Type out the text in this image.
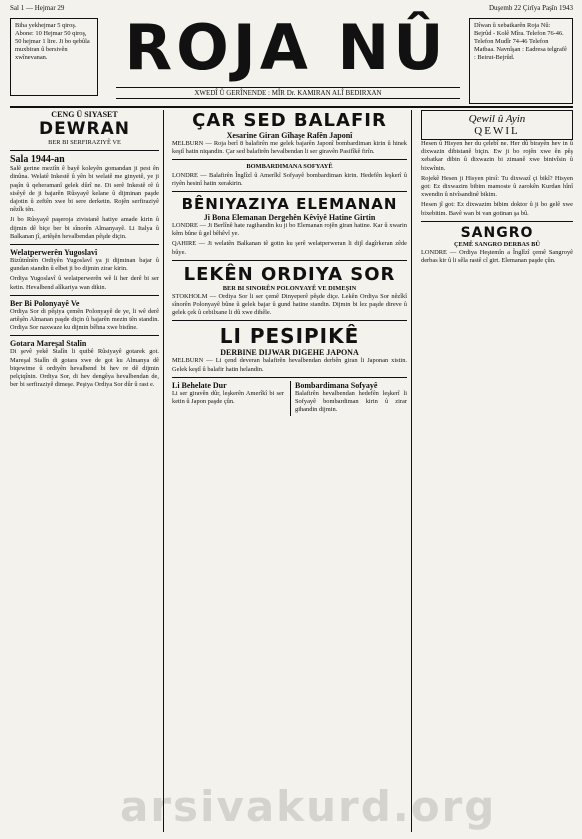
Sal 1 — Hejmar 29	Duşemb 22 Çirîya Paşîn 1943
Biha yekhejmar 5 qiroş. Abone: 10 Hejmar 50 qiroş, 50 hejmar 1 lire. Ji bo qebûla muxbiran û bersivên xwînevanan.	ROJA NÛ	Dîwan û xebatkarên Roja Nû: Bejrûd - Kolê Mîra. Telefon 76-46. Telefon Mudîr 74-46 Telefon Matbaa. Navnîşan : Eadresa telgrafê : Beirut-Bejrûd.
XWEDÎ Û GERÎNENDE : MÎR Dr. KAMIRAN ALÎ BEDIRXAN
CENG Û SIYASET
DEWRAN
BER BI SERFIRAZIYÊ VE
Sala 1944-an

Salê gerine meziîn ê bayê koleyên gomandan ji pest ên dinûna. Welatê Inkestê û yên bi welatê me ginyetê, ye ji paşîn û qeheramanî gelek dûrî ne. Di serê Inkestê rê û sisêyê de ji bajarên Rûsyayê kelane û dijminan paşde dajotin û zeftên xwe bi sere derketin. Rojên serfiraziyê nêzîk tên.

Ji bo Rûsyayê paşeroja zivistanê hatiye amade kirin û dijmin dê biçe ber bi sînorên Almanyayê. Li Italya û Balkanan jî, artêşên hevalbendan pêşde diçin.

Welatperwerên Yugoslavî

Bizûtnînên Ordiyên Yugoslavî ya ji dijminan bajar û gundan standin û elbet ji bo dijmin zirar kirin.

Ordiya Yugoslavî û welatperwerên wê li her derê bi ser ketin. Hevalbend alîkariya wan dikin.

Ber Bi Polonyayê Ve

Ordiya Sor di pêşiya çemên Polonyayê de ye, li wê derê artêşên Almanan paşde diçin û bajarên mezin tên standin. Ordiya Sor naxwaze ku dijmin bêhna xwe bistîne.

Gotara Mareşal Stalîn

Di şevê yekê Stalîn li qutbê Rûsiyayê gotarek got. Mareşal Stalîn di gotara xwe de got ku Almanya dê biqewime û ordiyên hevalbend bi hev re dê dijmin pelçiqînin. Ordiya Sor, di hev dengêya hevalbendan de, ber bi serfiraziyê dimeşe. Peşiya Ordiya Sor dûr û rast e.

ÇAR SED BALAFIR
Xesarine Giran Gîhaşe Rafên Japonî

MELBURN — Roja berî 8 balafirên me gelek bajarên Japonî bombardiman kirin û hinek keştî hatin niqandin. Çar sed balafirên hevalbendan li ser giravên Pasifîkê firîn.

BOMBARDIMANA SOFYAYÊ

LONDRE — Balafirên Înglîzî û Amerîkî Sofyayê bombardiman kirin. Hedefên leşkerî û riyên hesinî hatin xerakirin.

BÊNIYAZIYA ELEMANAN
Ji Bona Elemanan Dergehên Kêvîyê Hatine Girtin

LONDRE — Ji Berlînê hate ragihandin ku ji bo Elemanan rojên giran hatine. Kar û xwarin kêm bûne û gel bêhêvî ye.

QAHIRE — Ji welatên Balkanan tê gotin ku şerê welatperweran li dijî dagîrkeran zêde bûye.

LEKÊN ORDIYA SOR
BER BI SINORÊN POLONYAYÊ VE DIMEŞIN

STOKHOLM — Ordiya Sor li ser çemê Dinyeperê pêşde diçe. Lekên Ordiya Sor nêzîkî sînorên Polonyayê bûne û gelek bajar û gund hatine standin. Dijmin bi lez paşde direve û gelek çek û cebilxane li dû xwe dihêle.

LI PESIPIKÊ
DERBINE DIJWAR DIGEHE JAPONA

MELBURN — Li çend deveran balafirên hevalbendan derbên giran li Japonan xistin. Gelek keştî û balafir hatin helandin.

Li Behelate Dur

Li ser giravên dûr, leşkerên Amerîkî bi ser ketin û Japon paşde çûn.

Bombardimana Sofyayê

Balafirên hevalbendan hedefên leşkerî li Sofyayê bombardiman kirin û zirar gihandin dijmin.

Qewil û Ayin
QEWIL

Hesen û Hisyen her du çelebî ne. Her dû birayên hev in û dixwazin dibistanê biçin. Ew ji bo rojên xwe ên pêş xebatkar dibin û dixwazin bi zimanê xwe binivîsin û bixwînin.

Rojekê Hesen ji Hisyen pirsî: Tu dixwazî çi bikî? Hisyen got: Ez dixwazim bibim mamoste û zarokên Kurdan hînî xwendin û nivîsandinê bikim.

Hesen jî got: Ez dixwazim bibim doktor û ji bo gelê xwe bixebitim. Bavê wan bi van gotinan şa bû.

SANGRO
ÇEMÊ SANGRO DERBAS BÛ

LONDRE — Ordiya Heştemîn a Înglîzî çemê Sangroyê derbas kir û li sêla rastê cî girt. Elemanan paşde çûn.

arsivakurd.org
